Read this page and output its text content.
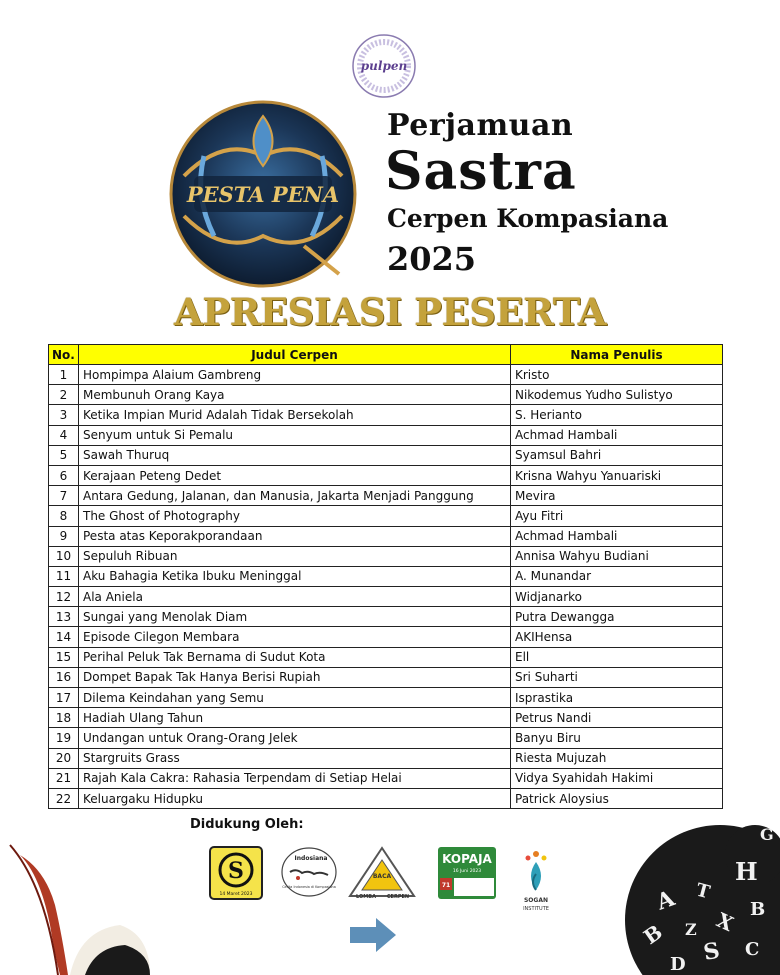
pulpen
PESTA PENA
Perjamuan
Sastra
Cerpen Kompasiana
2025
APRESIASI PESERTA
No.	Judul Cerpen	Nama Penulis
1	Hompimpa Alaium Gambreng	Kristo
2	Membunuh Orang Kaya	Nikodemus Yudho Sulistyo
3	Ketika Impian Murid Adalah Tidak Bersekolah	S. Herianto
4	Senyum untuk Si Pemalu	Achmad Hambali
5	Sawah Thuruq	Syamsul Bahri
6	Kerajaan Peteng Dedet	Krisna Wahyu Yanuariski
7	Antara Gedung, Jalanan, dan Manusia, Jakarta Menjadi Panggung	Mevira
8	The Ghost of Photography	Ayu Fitri
9	Pesta atas Keporakporandaan	Achmad Hambali
10	Sepuluh Ribuan	Annisa Wahyu Budiani
11	Aku Bahagia Ketika Ibuku Meninggal	A. Munandar
12	Ala Aniela	Widjanarko
13	Sungai yang Menolak Diam	Putra Dewangga
14	Episode Cilegon Membara	AKIHensa
15	Perihal Peluk Tak Bernama di Sudut Kota	Ell
16	Dompet Bapak Tak Hanya Berisi Rupiah	Sri Suharti
17	Dilema Keindahan yang Semu	Isprastika
18	Hadiah Ulang Tahun	Petrus Nandi
19	Undangan untuk Orang-Orang Jelek	Banyu Biru
20	Stargruits Grass	Riesta Mujuzah
21	Rajah Kala Cakra: Rahasia Terpendam di Setiap Helai	Vidya Syahidah Hakimi
22	Keluargaku Hidupku	Patrick Aloysius
Didukung Oleh:
S
14 Maret 2023
Indosiana
Cerita Indonesia di Kompasiana
BACA
LOMBA CERPEN
KOPAJA
16 Juni 2023
71
SOGAN
INSTITUTE	A T
H
B Z X B
D S C
G
